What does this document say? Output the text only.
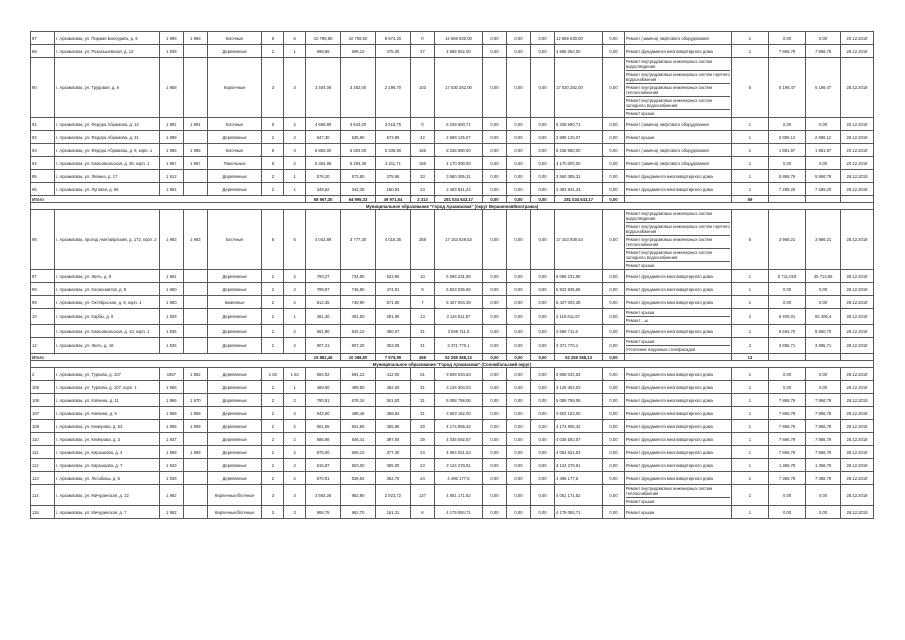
87	г. Арзамасвак, ул. Пирмая Балоуриск, д. 6	1 999	1 969	Блочные	9	6	10 796,80	10 759,50	8 674,20	0	12 669 630,00	0,00	0,00	0,00	12 669 630,00	0,00	Ремонт (замена) лифтового оборудования	1	0,00	0,00	20.12.2019
89	г. Арзамасвак, ул. Розальшевская, д. 12	1 939		Деревянные	2	1	698,65	698,10	475,30	37	4 565 062,00	0,00	0,00	0,00	4 565 062,00	0,00	Ремонт фундамента многоквартирного дома	1	7 866,79	7 866,79	28.12.2019
90	г. Арзамасвак, ул. Трудовая, д. 6	1 958		Кирпичные	3	3	3 404,06	3 262,00	2 198,70	103	17 030 282,00	0,00	0,00	0,00	17 030 282,00	0,00	Ремонт внутридомовых инженерных систем водоотведения
Ремонт внутридомовых инженерных систем горячего водоснабжения
Ремонт внутридомовых инженерных систем теплоснабжения
Ремонт внутридомовых инженерных систем холодного водоснабжения
Ремонт крыши	5	5 199,47	5 199,47	28.12.2019
91	г. Арзамасвак, ул. Федора Абрамова, д. 13	1 991	1 991	Блочные	9	2	4 668,90	4 643,00	3 518,75	0	6 239 690,71	0,00	0,00	0,00	6 239 690,71	0,00	Ремонт (замена) лифтового оборудования	1	0,00	0,00	20.12.2019
92	г. Арзамасвак, ул. Федора Абрамова, д. 21	1 998		Деревянные	2	2	547,30	536,96	573,89	42	2 689 125,07	0,00	0,00	0,00	2 689 125,07	0,00	Ремонт крыши	1	2 896,12	2 696,12	28.12.2019
93	г. Арзамасвак, ул. Федора Абрамова, д. 9, корп. 1	1 985	1 985	Блочные	9	3	6 865,00	5 304,00	5 335,90	186	8 238 880,00	0,00	0,00	0,00	8 238 880,00	0,00	Ремонт (замена) лифтового оборудования	1	1 681,97	1 681,97	20.12.2019
94	г. Арзамасвак, ул. Комсомольская, д. 35, корп. 1	1 967	1 967	Панельные	9	2	5 364,89	5 294,36	3 211,71	156	4 170 000,00	0,00	0,00	0,00	4 170 000,00	0,00	Ремонт (замена) лифтового оборудования	1	0,00	0,00	20.12.2019
95	г. Арзамасвак, ул. Левина, д. 17	1 912		Деревянные	2	1	576,20	573,80	375,96	33	3 560 385,31	0,00	0,00	0,00	3 560 385,31	0,00	Ремонт фундамента многоквартирного дома	1	5 866,79	5 866,79	28.12.2019
96	г. Арзамасвак, ул. Луговая, д. 56	1 954		Деревянные	2	1	349,62	342,36	180,93	23	2 493 841,24	0,00	0,00	0,00	2 493 841,24	0,00	Ремонт фундамента многоквартирного дома	1	7 289,20	7 289,20	28.12.2019
Итого							68 967,30	64 995,33	49 971,54	2 313	281 034 643,17	0,00	0,00	0,00	281 034 643,17	0,00		69			
Муниципальное образование "Город Арзамасвак" (округ Вершинная/Боогранка)																					
98	г. Арзамасвак, проезд Аметайрэский, д. 172, корп. 2	1 963	1 963	Блочные	5	6	4 042,89	3 777,30	4 016,35	268	17 153 939,53	0,00	0,00	0,00	17 153 939,53	0,00	Ремонт внутридомовых инженерных систем водоотведения
Ремонт внутридомовых инженерных систем горячего водоснабжения
Ремонт внутридомовых инженерных систем теплоснабжения
Ремонт внутридомовых инженерных систем холодного водоснабжения
Ремонт крыши	5	3 966,21	3 966,21	28.12.2019
97	г. Арзамасвак, ул. Жить, д. 9	1 961		Деревянные	2	2	793,27	724,80	523,95	10	5 096 231,95	0,00	0,00	0,00	5 096 231,95	0,00	Ремонт фундамента многоквартирного дома	1	5 711,019	35 713,55	28.12.2019
99	г. Арзамасвак, ул. Космонавтов, д. 8	1 960		Деревянные	2	2	789,97	746,90	474,91	9	5 923 935,66	0,00	0,00	0,00	5 923 935,66	0,00	Ремонт фундамента многоквартирного дома	1	0,00	0,00	28.12.2019
99	г. Арзамасвак, ул. Октябрьская, д. 8, корп. 1	1 960		Каменные	2	2	812,35	749,90	571,60	7	5 427 004,38	0,00	0,00	0,00	5 427 004,38	0,00	Ремонт фундамента многоквартирного дома	1	0,00	0,00	28.12.2019
10	г. Арзамасвак, ул. Карбы, д. 6	1 939		Деревянные	2	1	461,30	481,50	291,90	13	3 116 611,57	0,00	0,00	0,00	3 116 611,57	0,00	Ремонт крыши
Ремонт ...ы	2	6 406,01	63 406,4	28.12.2019
	г. Арзамасвак, ул. Комсомольская, д. 43, корп. 1	1 935		Деревянные	2	2	661,90	542,10	380,07	31	3 596 711,6	0,00	0,00	0,00	3 596 711,6	0,00	Ремонт фундамента многоквартирного дома	1	5 664,70	5 660,70	28.12.2019
12	г. Арзамасвак, ул. Жить, д. 16	1 935		Деревянные	2	2	907,21	807,20	303,09	31	3 371 770,1	0,00	0,00	0,00	3 371 770,1	0,00	Ремонт крыши
Утепление наружных стен/фасадов	2	3 896,71	3 895,71	28.12.2019
Итого							15 882,46	10 368,90	7 976,99	458	52 259 368,13	0,00	0,00	0,00	52 259 368,13	0,00		13			
Муниципальное образование "Город Арзамасвак" (Соломбальский округ)																					
2	г. Арзамасвак, ул. Туркова, д. 107	1967	1 962	Деревянные	1 82	1 82	594,92	594,23	412,00	51	3 608 034,53	0,00	0,00	0,00	3 608 034,53	0,00	Ремонт фундамента многоквартирного дома	1	0,00	0,00	28.12.2019
105	г. Арзамасвак, ул. Туркова, д. 107, корп. 1	1 958		Деревянные	2	1	489,90	489,90	462,00	31	3 126 304,03	0,00	0,00	0,00	3 126 304,03	0,00	Ремонт фундамента многоквартирного дома	1	0,00	0,00	28.12.2019
106	г. Арзамасвак, ул. Ковчина, д. 11	1 966	1 970	Деревянные	2	2	780,91	676,16	501,93	31	5 088 798,06	0,00	0,00	0,00	5 088 798,06	0,00	Ремонт фундамента многоквартирного дома	1	7 866,79	7 866,79	28.12.2019
107	г. Арзамасвак, ул. Ковчина, д. 6	1 959	1 959	Деревянные	2	2	542,90	498,46	358,84	31	3 603 152,00	0,00	0,00	0,00	3 603 152,00	0,00	Ремонт фундамента многоквартирного дома	1	7 866,79	7 866,79	28.12.2019
108	г. Арзамасвак, ул. Кемерова, д. 53	1 955	1 959	Деревянные	2	2	561,65	501,95	355,96	28	4 174 855,42	0,00	0,00	0,00	4 174 855,42	0,00	Ремонт фундамента многоквартирного дома	1	7 866,79	7 866,79	28.12.2019
110	г. Арзамасвак, ул. Кемерова, д. 3	1 937		Деревянные	2	2	686,98	546,41	397,84	29	4 035 592,57	0,00	0,00	0,00	4 035 592,57	0,00	Ремонт фундамента многоквартирного дома	1	7 866,79	7 866,79	28.12.2019
111	г. Арзамасвак, ул. Кирзашова, д. 4	1 959	1 959	Деревянные	2	2	575,00	559,10	377,30	24	4 054 621,53	0,00	0,00	0,00	4 054 621,53	0,00	Ремонт фундамента многоквартирного дома	1	7 866,79	7 866,79	28.12.2019
112	г. Арзамасвак, ул. Кирзашова, д. 7	1 943		Деревянные	2	2	615,87	503,00	365,00	23	3 124 278,81	0,00	0,00	0,00	3 124 278,81	0,00	Ремонт фундамента многоквартирного дома	1	1 366,79	1 366,79	28.12.2019
113	г. Арзамасвак, ул. Лесобазы, д. 5	1 939		Деревянные	2	2	570,01	539,92	352,70	24	4 495 177,5	0,00	0,00	0,00	4 495 177,5	0,00	Ремонт фундамента многоквартирного дома	1	7 366,79	7 366,79	28.12.2019
114	г. Арзамасвак, ул. Мичуринская, д. 12	1 962		Кирпичные/блочные	3	3	3 564,26	982,90	2 923,72	137	4 051 171,52	0,00	0,00	0,00	4 051 171,52	0,00	Ремонт внутридомовых инженерных систем теплоснабжения
Ремонт крыши	2	0,00	0,00	28.12.2019
115	г. Арзамасвак, ул. Мичуринская, д. 7	1 962		Кирпичные/блочные	3	3	968,75	962,70	161,31	8	4 179 084,71	0,00	0,00	0,00	4 179 084,71	0,00	Ремонт крыши	1	0,00	0,00	28.12.2019
